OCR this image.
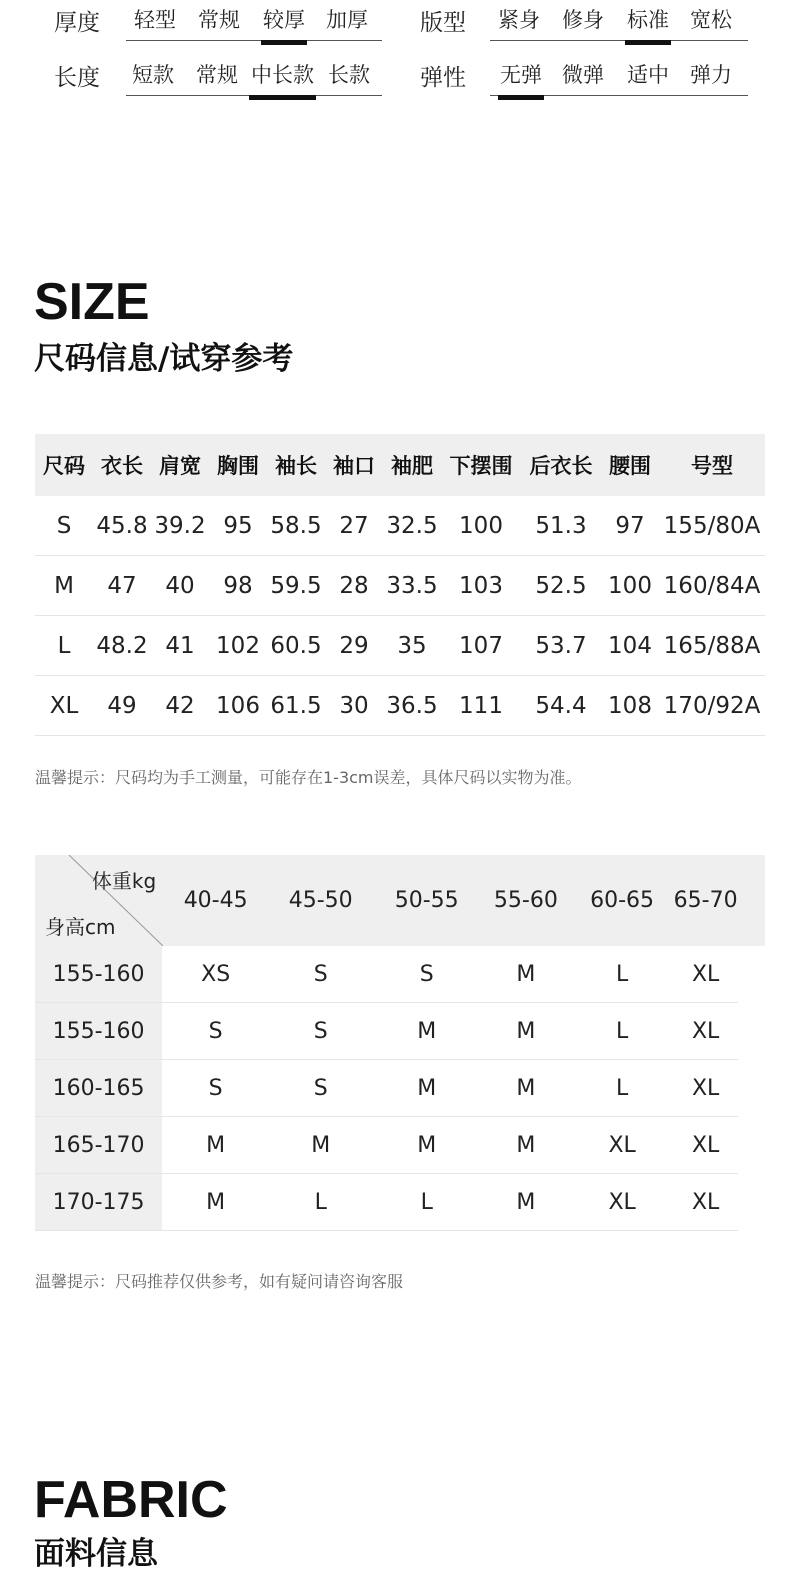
厚度 轻型 常规 较厚 加厚 版型 紧身 修身 标准 宽松
长度 短款 常规 中长款 长款 弹性 无弹 微弹 适中 弹力
SIZE
尺码信息/试穿参考
尺码	衣长	肩宽	胸围	袖长	袖口	袖肥	下摆围	后衣长	腰围	号型
S	45.8	39.2	95	58.5	27	32.5	100	51.3	97	155/80A
M	47	40	98	59.5	28	33.5	103	52.5	100	160/84A
L	48.2	41	102	60.5	29	35	107	53.7	104	165/88A
XL	49	42	106	61.5	30	36.5	111	54.4	108	170/92A
温馨提示：尺码均为手工测量，可能存在1-3cm误差，具体尺码以实物为准。
体重kg
身高cm	40-45	45-50	50-55	55-60	60-65	65-70	
155-160	XS	S	S	M	L	XL	
155-160	S	S	M	M	L	XL	
160-165	S	S	M	M	L	XL	
165-170	M	M	M	M	XL	XL	
170-175	M	L	L	M	XL	XL	
温馨提示：尺码推荐仅供参考，如有疑问请咨询客服
FABRIC
面料信息
